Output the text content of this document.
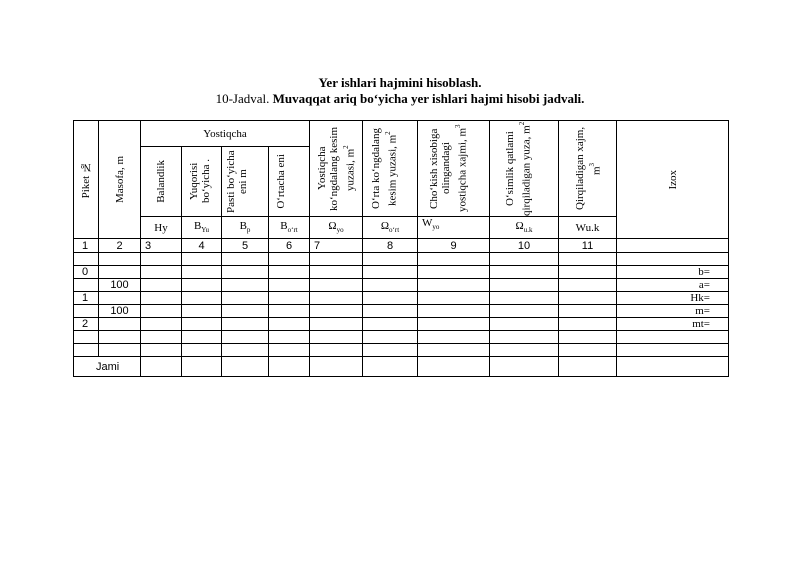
Yer ishlari hajmini hisoblash.
10-Jadval. Muvaqqat ariq bo‘yicha yer ishlari hajmi hisobi jadvali.
Piket №	Masofa, m	Yostiqcha				Yostiqcha ko‘ngdalang kesim yuzasi, $m^2$	O‘rta ko‘ngdalang kesim yuzasi, $m^2$	Cho‘kish xisobiga olingandagi yostiqcha xajmi, $m^3$	O‘simlik qatlami qirqiladigan yuza, $m^2$	Qirqiladigan xajm, $m^3$	Izox

		Balandlik	Yuqorisi bo‘yicha .	Pasti bo‘yicha eni m	O‘rtacha eni						

		Hy	$B_{Yu}$	$B_p$	$B_{o‘rt}$	$\Omega_{yo}$	$\Omega_{o‘rt}$	$W_{yo}$	$\Omega_{u.k}$	Wu.k	
1	2	3	4	5	6	7	8	9	10	11	

0											b=
	100										a=
1											Hk=
	100										m=
2											mt=

Jami											
